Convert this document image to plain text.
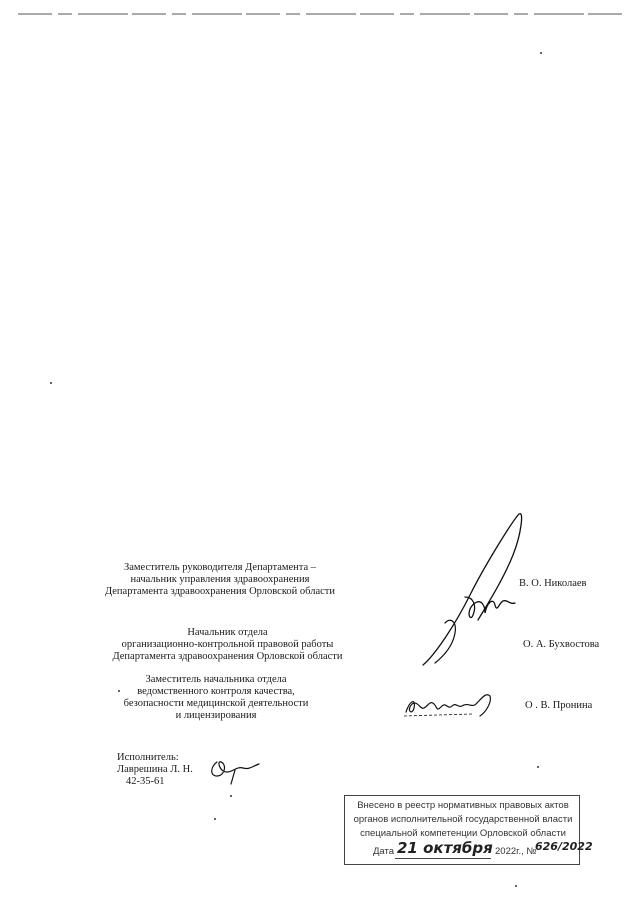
Заместитель руководителя Департамента –
начальник управления здравоохранения
Департамента здравоохранения Орловской области
В. О. Николаев
Начальник отдела
организационно-контрольной правовой работы
Департамента здравоохранения Орловской области
О. А. Бухвостова
Заместитель начальника отдела
ведомственного контроля качества,
безопасности медицинской деятельности
и лицензирования
О . В. Пронина
Исполнитель:
Лаврешина Л. Н.
42-35-61
Внесено в реестр нормативных правовых актов
органов исполнительной государственной власти
специальной компетенции Орловской области
Дата 21 октября 2022г., №
626/2022
